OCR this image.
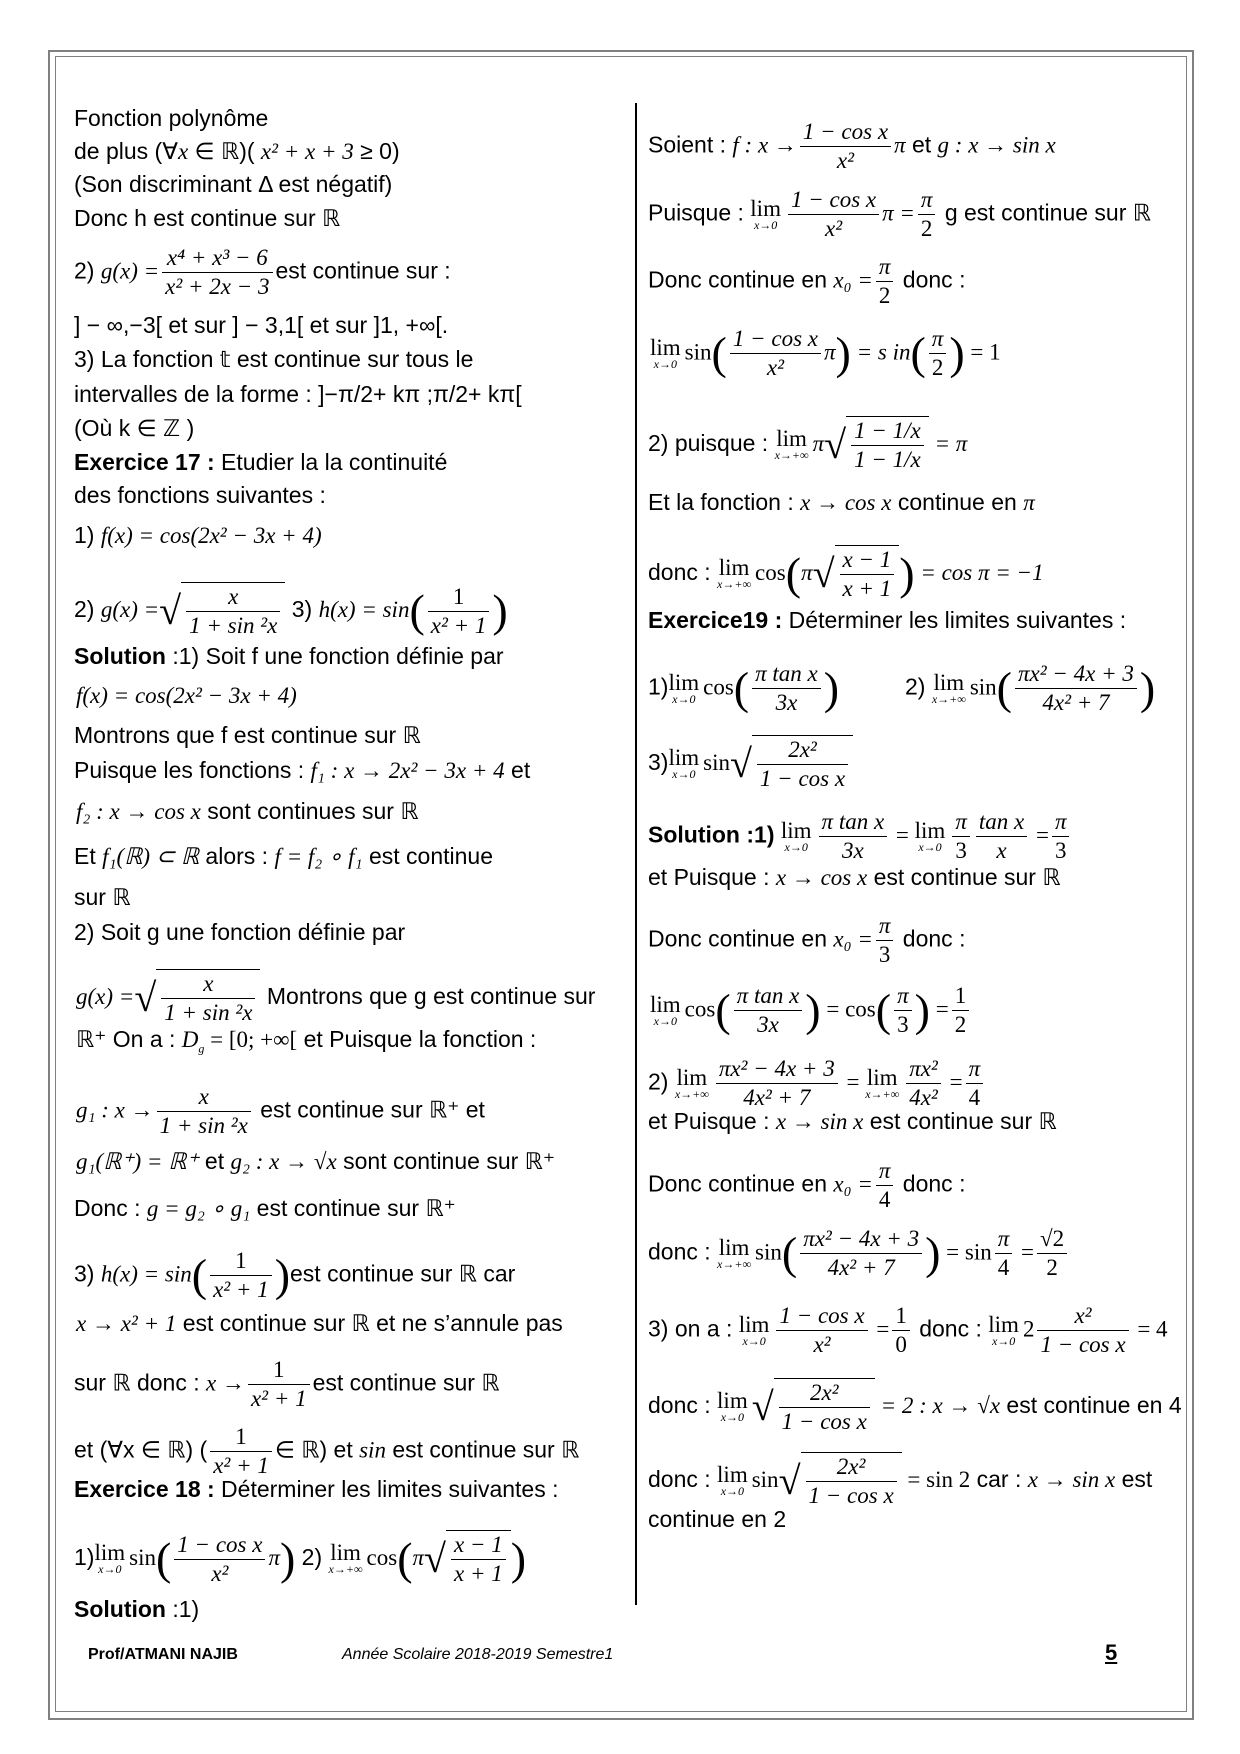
Fonction polynôme
de plus (∀x ∈ ℝ)( x² + x + 3 ≥ 0)
(Son discriminant Δ est négatif)
Donc h est continue sur ℝ
2) $g(x) = \frac{\text{x⁴ + x³ − 6}}{\text{x² + 2x − 3}}$ est continue sur :
] − ∞,−3[ et sur ] − 3,1[ et sur ]1, +∞[.
3) La fonction 𝕥 est continue sur tous le
intervalles de la forme : ]−π/2+ kπ ;π/2+ kπ[
(Où k ∈ ℤ )
Exercice 17 : Etudier la la continuité
des fonctions suivantes :
1) f(x) = cos(2x² − 3x + 4)
2) g(x) =√ $\frac{x}{\text{1 + sin ²x}} 3$) $h(x) = \sin( \frac{1}{\text{x² + 1}}$ )
Solution :1) Soit f une fonction définie par
f(x) = cos(2x² − 3x + 4)
Montrons que f est continue sur ℝ
Puisque les fonctions : f₁ : x → 2x² − 3x + 4 et
f₂ : x → cos x sont continues sur ℝ
Et f₁(ℝ) ⊂ ℝ alors : f = f₂ ∘ f₁ est continue
sur ℝ
2) Soit g une fonction définie par
g(x) =√ $\frac{x}{\text{1 + sin ²x}}$ Montrons que g est continue sur
ℝ⁺ On a : $D_g = [0$; +∞[ et Puisque la fonction :
g₁ : $x \to \frac{x}{\text{1 + sin ²x}}$ est continue sur ℝ⁺ et
g₁(ℝ⁺) = ℝ⁺ et g₂ : x → √x sont continue sur ℝ⁺
Donc : g = g₂ ∘ g₁ est continue sur ℝ⁺
3) $h(x) = \sin( \frac{1}{\text{x² + 1}} )est$ continue sur ℝ car
x → x² + 1 est continue sur ℝ et ne s’annule pas
sur ℝ donc : $x \to \frac{1}{\text{x² + 1}}$ est continue sur ℝ
et (∀x ∈ ℝ) ( $\frac{1}{\text{x² + 1}}$ ∈ ℝ) et sin est continue sur ℝ
Exercice 18 : Déterminer les limites suivantes :
1)lim
x→0 $\sin( \frac{\text{1 − cos x}}{\text{x²}} \pi)$ 2) lim
x→+∞ $\cos(\pi√ \frac{x - 1}{x + 1}$ )
Solution :1)
Soient : f : $x \to \frac{\text{1 − cos x}}{\text{x²}}$ π et g : x → sin x
Puisque : lim
$x\to 0 \frac{\text{1 − cos x}}{\text{x²}}$ $\pi = \frac{\pi}{2}$ g est continue sur ℝ
Donc continue en $x_0 = \frac{\pi}{2}$ donc :
lim
x→0 $\sin( \frac{\text{1 − cos x}}{\text{x²}} \pi) = s$ $in( \frac{\pi}{2}$ ) = 1
2) puisque : lim
x→+∞ $\pi√ \frac{1 - 1/x}{1 - 1/x} = \pi$
Et la fonction : x → cos x continue en π
donc : lim
x→+∞ $\cos(\pi√ \frac{x - 1}{x + 1}$ ) = cos π = −1
Exercice19 : Déterminer les limites suivantes :
1)lim
x→0 $\cos( \frac{\text{π tan x}}{3x}$ )	2) lim
x→+∞ $\sin( \frac{\text{πx² − 4x + 3}}{\text{4x² + 7}}$ )
3)lim
x→0 $\sin√ \frac{\text{2x²}}{\text{1 − cos x}}$
Solution :1) lim
$x\to 0 \frac{\text{π tan x}}{3x} = \lim$
$x\to 0 \frac{\pi}{3} \frac{\text{tan x}}{x} = \frac{\pi}{3}$
et Puisque : x → cos x est continue sur ℝ
Donc continue en $x_0 = \frac{\pi}{3}$ donc :
lim
x→0 $\cos( \frac{\text{π tan x}}{3x}$ ) = $\cos( \frac{\pi}{3}$ ) = $\frac{1}{2}$
2) lim
$x\to+\infty \frac{\text{πx² − 4x + 3}}{\text{4x² + 7}} = \lim$
$x\to+\infty \frac{\text{πx²}}{\text{4x²}} = \frac{\pi}{4}$
et Puisque : x → sin x est continue sur ℝ
Donc continue en $x_0 = \frac{\pi}{4}$ donc :
donc : lim
x→+∞ $\sin( \frac{\text{πx² − 4x + 3}}{\text{4x² + 7}}$ ) = $\sin \frac{\pi}{4} = \frac{√2}{2}$
3) on a : lim
$x\to 0 \frac{\text{1 − cos x}}{\text{x²}} = \frac{1}{0}$ donc : lim
x→0 $2 \frac{\text{x²}}{\text{1 − cos x}} = 4$
donc : lim
x→0 √ $\frac{\text{2x²}}{\text{1 − cos x}} = 2$ : x → √x est continue en 4
donc : lim
x→0 $\sin√ \frac{\text{2x²}}{\text{1 − cos x}} = \sin 2$ car : x → sin x est
continue en 2
Prof/ATMANI NAJIB	Année Scolaire 2018-2019 Semestre1	5
